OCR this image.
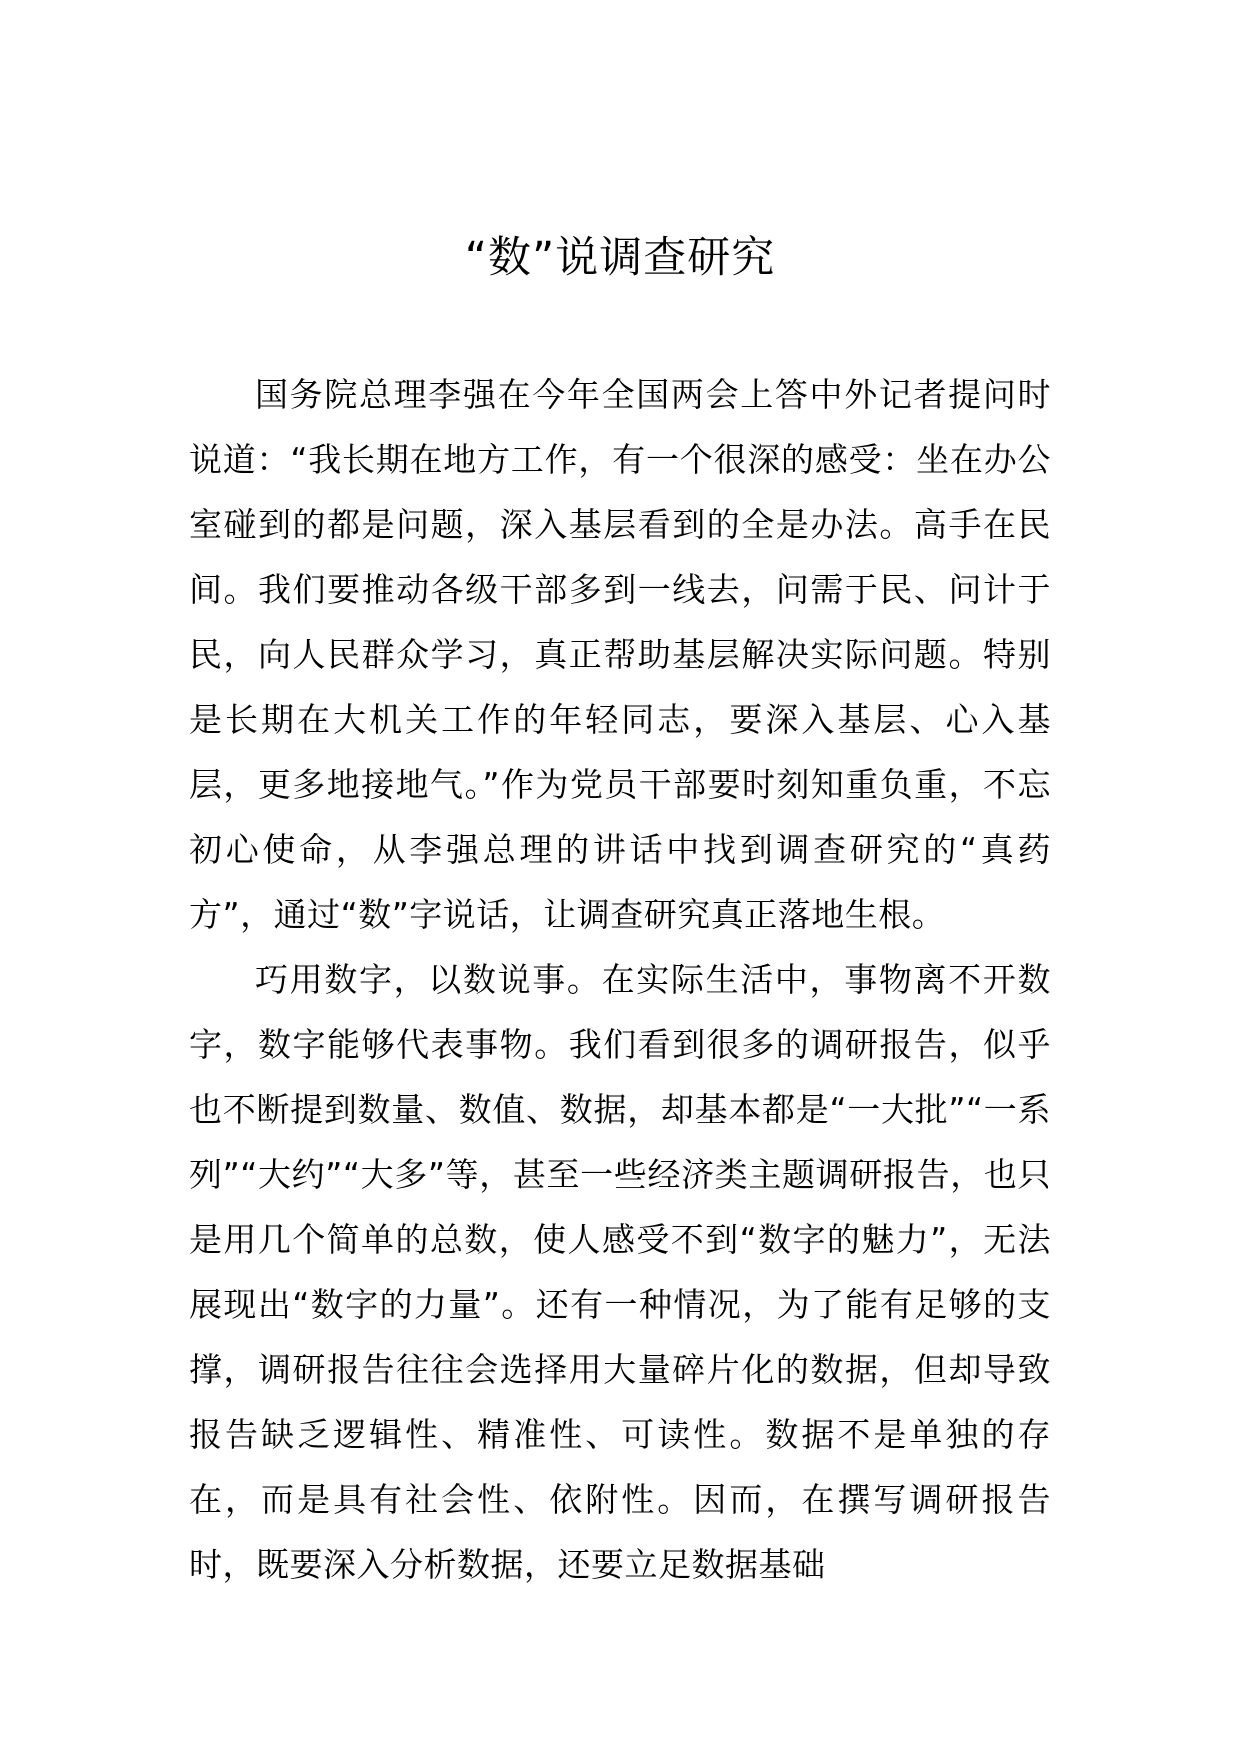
“数”说调查研究

国务院总理李强在今年全国两会上答中外记者提问时说道：“我长期在地方工作，有一个很深的感受：坐在办公室碰到的都是问题，深入基层看到的全是办法。高手在民间。我们要推动各级干部多到一线去，问需于民、问计于民，向人民群众学习，真正帮助基层解决实际问题。特别是长期在大机关工作的年轻同志，要深入基层、心入基层，更多地接地气。”作为党员干部要时刻知重负重，不忘初心使命，从李强总理的讲话中找到调查研究的“真药方”，通过“数”字说话，让调查研究真正落地生根。

巧用数字，以数说事。在实际生活中，事物离不开数字，数字能够代表事物。我们看到很多的调研报告，似乎也不断提到数量、数值、数据，却基本都是“一大批”“一系列”“大约”“大多”等，甚至一些经济类主题调研报告，也只是用几个简单的总数，使人感受不到“数字的魅力”，无法展现出“数字的力量”。还有一种情况，为了能有足够的支撑，调研报告往往会选择用大量碎片化的数据，但却导致报告缺乏逻辑性、精准性、可读性。数据不是单独的存在，而是具有社会性、依附性。因而，在撰写调研报告时，既要深入分析数据，还要立足数据基础
